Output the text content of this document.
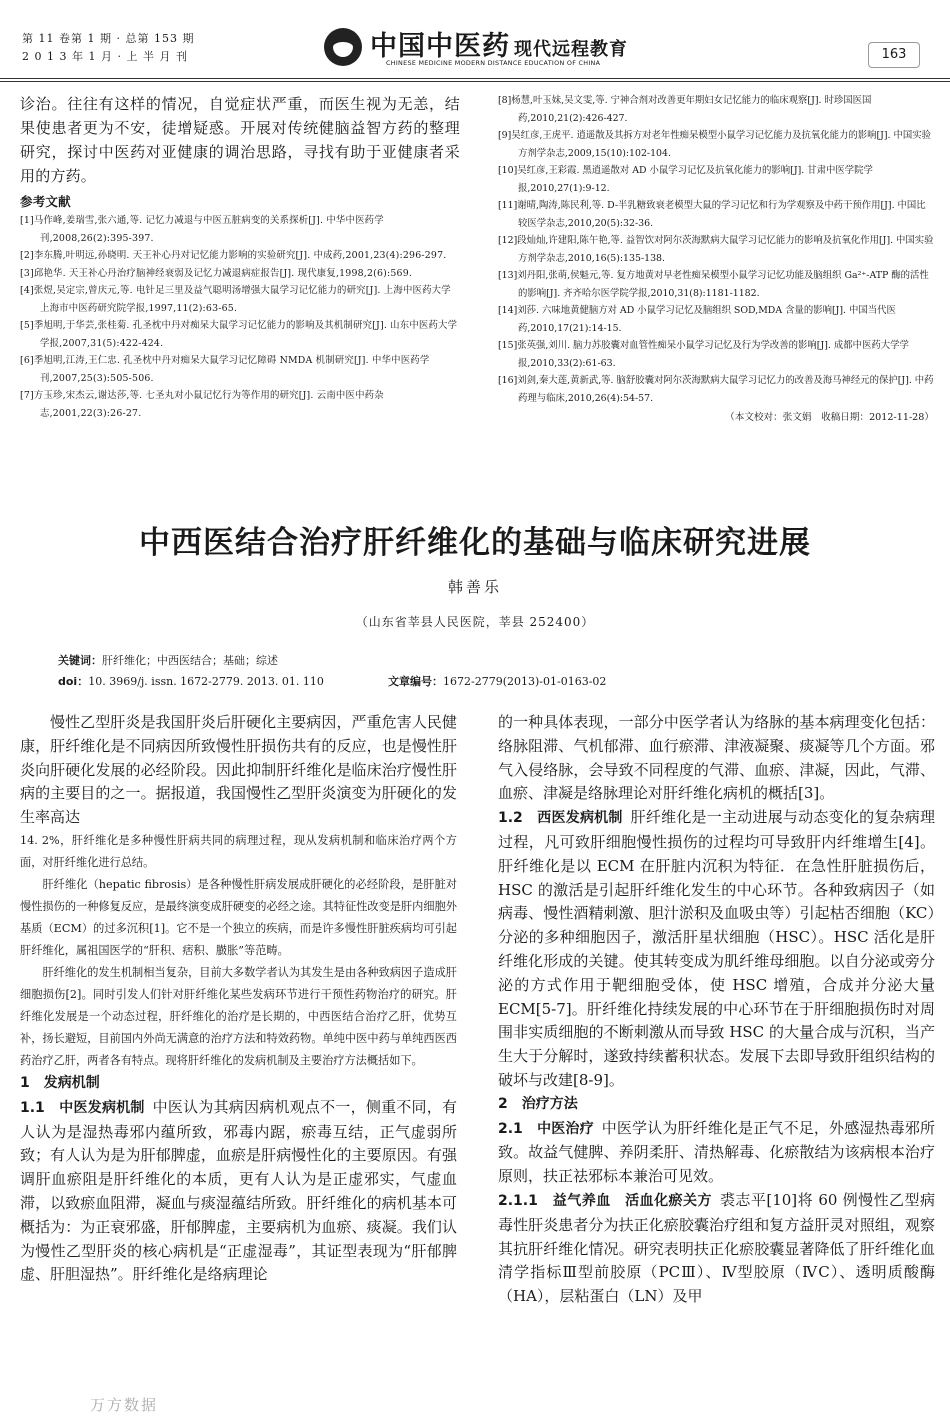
第 11 卷第 1 期 · 总第 153 期
2 0 1 3 年 1 月 · 上 半 月 刊	中国中医药 现代远程教育
CHINESE MEDICINE MODERN DISTANCE EDUCATION OF CHINA
163
诊治。往往有这样的情况，自觉症状严重，而医生视为无恙，结果使患者更为不安，徒增疑惑。开展对传统健脑益智方药的整理研究，探讨中医药对亚健康的调治思路，寻找有助于亚健康者采用的方药。
参考文献
[1]马作峰,姜瑞雪,张六通,等. 记忆力减退与中医五脏病变的关系探析[J]. 中华中医药学刊,2008,26(2):395-397.
[2]李东腾,叶明远,孙晓明. 天王补心丹对记忆能力影响的实验研究[J]. 中成药,2001,23(4):296-297.
[3]邱艳华. 天王补心丹治疗脑神经衰弱及记忆力减退病症报告[J]. 现代康复,1998,2(6):569.
[4]张煜,吴定宗,曾庆元,等. 电针足三里及益气聪明汤增强大鼠学习记忆能力的研究[J]. 上海中医药大学上海市中医药研究院学报,1997,11(2):63-65.
[5]季旭明,于华芸,张桂菊. 孔圣枕中丹对痴呆大鼠学习记忆能力的影响及其机制研究[J]. 山东中医药大学学报,2007,31(5):422-424.
[6]季旭明,江涛,王仁忠. 孔圣枕中丹对痴呆大鼠学习记忆障碍 NMDA 机制研究[J]. 中华中医药学刊,2007,25(3):505-506.
[7]方玉珍,宋杰云,谢达莎,等. 七圣丸对小鼠记忆行为等作用的研究[J]. 云南中医中药杂志,2001,22(3):26-27.
[8]杨慧,叶玉妹,吴文雯,等. 宁神合剂对改善更年期妇女记忆能力的临床观察[J]. 时珍国医国药,2010,21(2):426-427.
[9]吴红彦,王虎平. 逍遥散及其拆方对老年性痴呆模型小鼠学习记忆能力及抗氧化能力的影响[J]. 中国实验方剂学杂志,2009,15(10):102-104.
[10]吴红彦,王彩霞. 黑逍遥散对 AD 小鼠学习记忆及抗氧化能力的影响[J]. 甘肃中医学院学报,2010,27(1):9-12.
[11]谢晴,陶涛,陈民利,等. D-半乳糖致衰老模型大鼠的学习记忆和行为学观察及中药干预作用[J]. 中国比较医学杂志,2010,20(5):32-36.
[12]段灿灿,许建阳,陈午艳,等. 益智饮对阿尔茨海默病大鼠学习记忆能力的影响及抗氧化作用[J]. 中国实验方剂学杂志,2010,16(5):135-138.
[13]刘丹阳,张萌,侯魁元,等. 复方地黄对早老性痴呆模型小鼠学习记忆功能及脑组织 Ga²⁺-ATP 酶的活性的影响[J]. 齐齐哈尔医学院学报,2010,31(8):1181-1182.
[14]刘莎. 六味地黄健脑方对 AD 小鼠学习记忆及脑组织 SOD,MDA 含量的影响[J]. 中国当代医药,2010,17(21):14-15.
[15]张英强,刘川. 脑力苏胶囊对血管性痴呆小鼠学习记忆及行为学改善的影响[J]. 成都中医药大学学报,2010,33(2):61-63.
[16]刘剑,秦大莲,黄新武,等. 脑舒胶囊对阿尔茨海默病大鼠学习记忆力的改善及海马神经元的保护[J]. 中药药理与临床,2010,26(4):54-57.
（本文校对：张文娟　收稿日期：2012-11-28）
中西医结合治疗肝纤维化的基础与临床研究进展
韩善乐
（山东省莘县人民医院，莘县 252400）
关键词：肝纤维化；中西医结合；基础；综述
doi：10. 3969/j. issn. 1672-2779. 2013. 01. 110	文章编号：1672-2779(2013)-01-0163-02

慢性乙型肝炎是我国肝炎后肝硬化主要病因，严重危害人民健康，肝纤维化是不同病因所致慢性肝损伤共有的反应，也是慢性肝炎向肝硬化发展的必经阶段。因此抑制肝纤维化是临床治疗慢性肝病的主要目的之一。据报道，我国慢性乙型肝炎演变为肝硬化的发生率高达

14. 2%，肝纤维化是多种慢性肝病共同的病理过程，现从发病机制和临床治疗两个方面，对肝纤维化进行总结。

肝纤维化（hepatic fibrosis）是各种慢性肝病发展成肝硬化的必经阶段，是肝脏对慢性损伤的一种修复反应，是最终演变成肝硬变的必经之途。其特征性改变是肝内细胞外基质（ECM）的过多沉积[1]。它不是一个独立的疾病，而是许多慢性肝脏疾病均可引起肝纤维化，属祖国医学的“肝积、痞积、臌胀”等范畴。

肝纤维化的发生机制相当复杂，目前大多数学者认为其发生是由各种致病因子造成肝细胞损伤[2]。同时引发人们针对肝纤维化某些发病环节进行干预性药物治疗的研究。肝纤维化发展是一个动态过程，肝纤维化的治疗是长期的，中西医结合治疗乙肝，优势互补，扬长避短，目前国内外尚无满意的治疗方法和特效药物。单纯中医中药与单纯西医西药治疗乙肝，两者各有特点。现将肝纤维化的发病机制及主要治疗方法概括如下。

1　发病机制

1.1　中医发病机制 中医认为其病因病机观点不一，侧重不同，有人认为是湿热毒邪内蕴所致，邪毒内踞，瘀毒互结，正气虚弱所致；有人认为是为肝郁脾虚，血瘀是肝病慢性化的主要原因。有强调肝血瘀阻是肝纤维化的本质，更有人认为是正虚邪实，气虚血滞，以致瘀血阻滞，凝血与痰湿蕴结所致。肝纤维化的病机基本可概括为：为正衰邪盛，肝郁脾虚，主要病机为血瘀、痰凝。我们认为慢性乙型肝炎的核心病机是“正虚湿毒”，其证型表现为“肝郁脾虚、肝胆湿热”。肝纤维化是络病理论

的一种具体表现，一部分中医学者认为络脉的基本病理变化包括：络脉阻滞、气机郁滞、血行瘀滞、津液凝聚、痰凝等几个方面。邪气入侵络脉，会导致不同程度的气滞、血瘀、津凝，因此，气滞、血瘀、津凝是络脉理论对肝纤维化病机的概括[3]。

1.2　西医发病机制 肝纤维化是一主动进展与动态变化的复杂病理过程，凡可致肝细胞慢性损伤的过程均可导致肝内纤维增生[4]。肝纤维化是以 ECM 在肝脏内沉积为特征．在急性肝脏损伤后，HSC 的激活是引起肝纤维化发生的中心环节。各种致病因子（如病毒、慢性酒精刺激、胆汁淤积及血吸虫等）引起枯否细胞（KC）分泌的多种细胞因子，激活肝星状细胞（HSC）。HSC 活化是肝纤维化形成的关键。使其转变成为肌纤维母细胞。以自分泌或旁分泌的方式作用于靶细胞受体，使 HSC 增殖，合成并分泌大量 ECM[5-7]。肝纤维化持续发展的中心环节在于肝细胞损伤时对周围非实质细胞的不断刺激从而导致 HSC 的大量合成与沉积，当产生大于分解时，遂致持续蓄积状态。发展下去即导致肝组织结构的破坏与改建[8-9]。

2　治疗方法

2.1　中医治疗 中医学认为肝纤维化是正气不足，外感湿热毒邪所致。故益气健脾、养阴柔肝、清热解毒、化瘀散结为该病根本治疗原则，扶正祛邪标本兼治可见效。

2.1.1　益气养血　活血化瘀关方 裘志平[10]将 60 例慢性乙型病毒性肝炎患者分为扶正化瘀胶囊治疗组和复方益肝灵对照组，观察其抗肝纤维化情况。研究表明扶正化瘀胶囊显著降低了肝纤维化血清学指标Ⅲ型前胶原（PCⅢ）、Ⅳ型胶原（ⅣC）、透明质酸酶（HA），层粘蛋白（LN）及甲

万方数据
